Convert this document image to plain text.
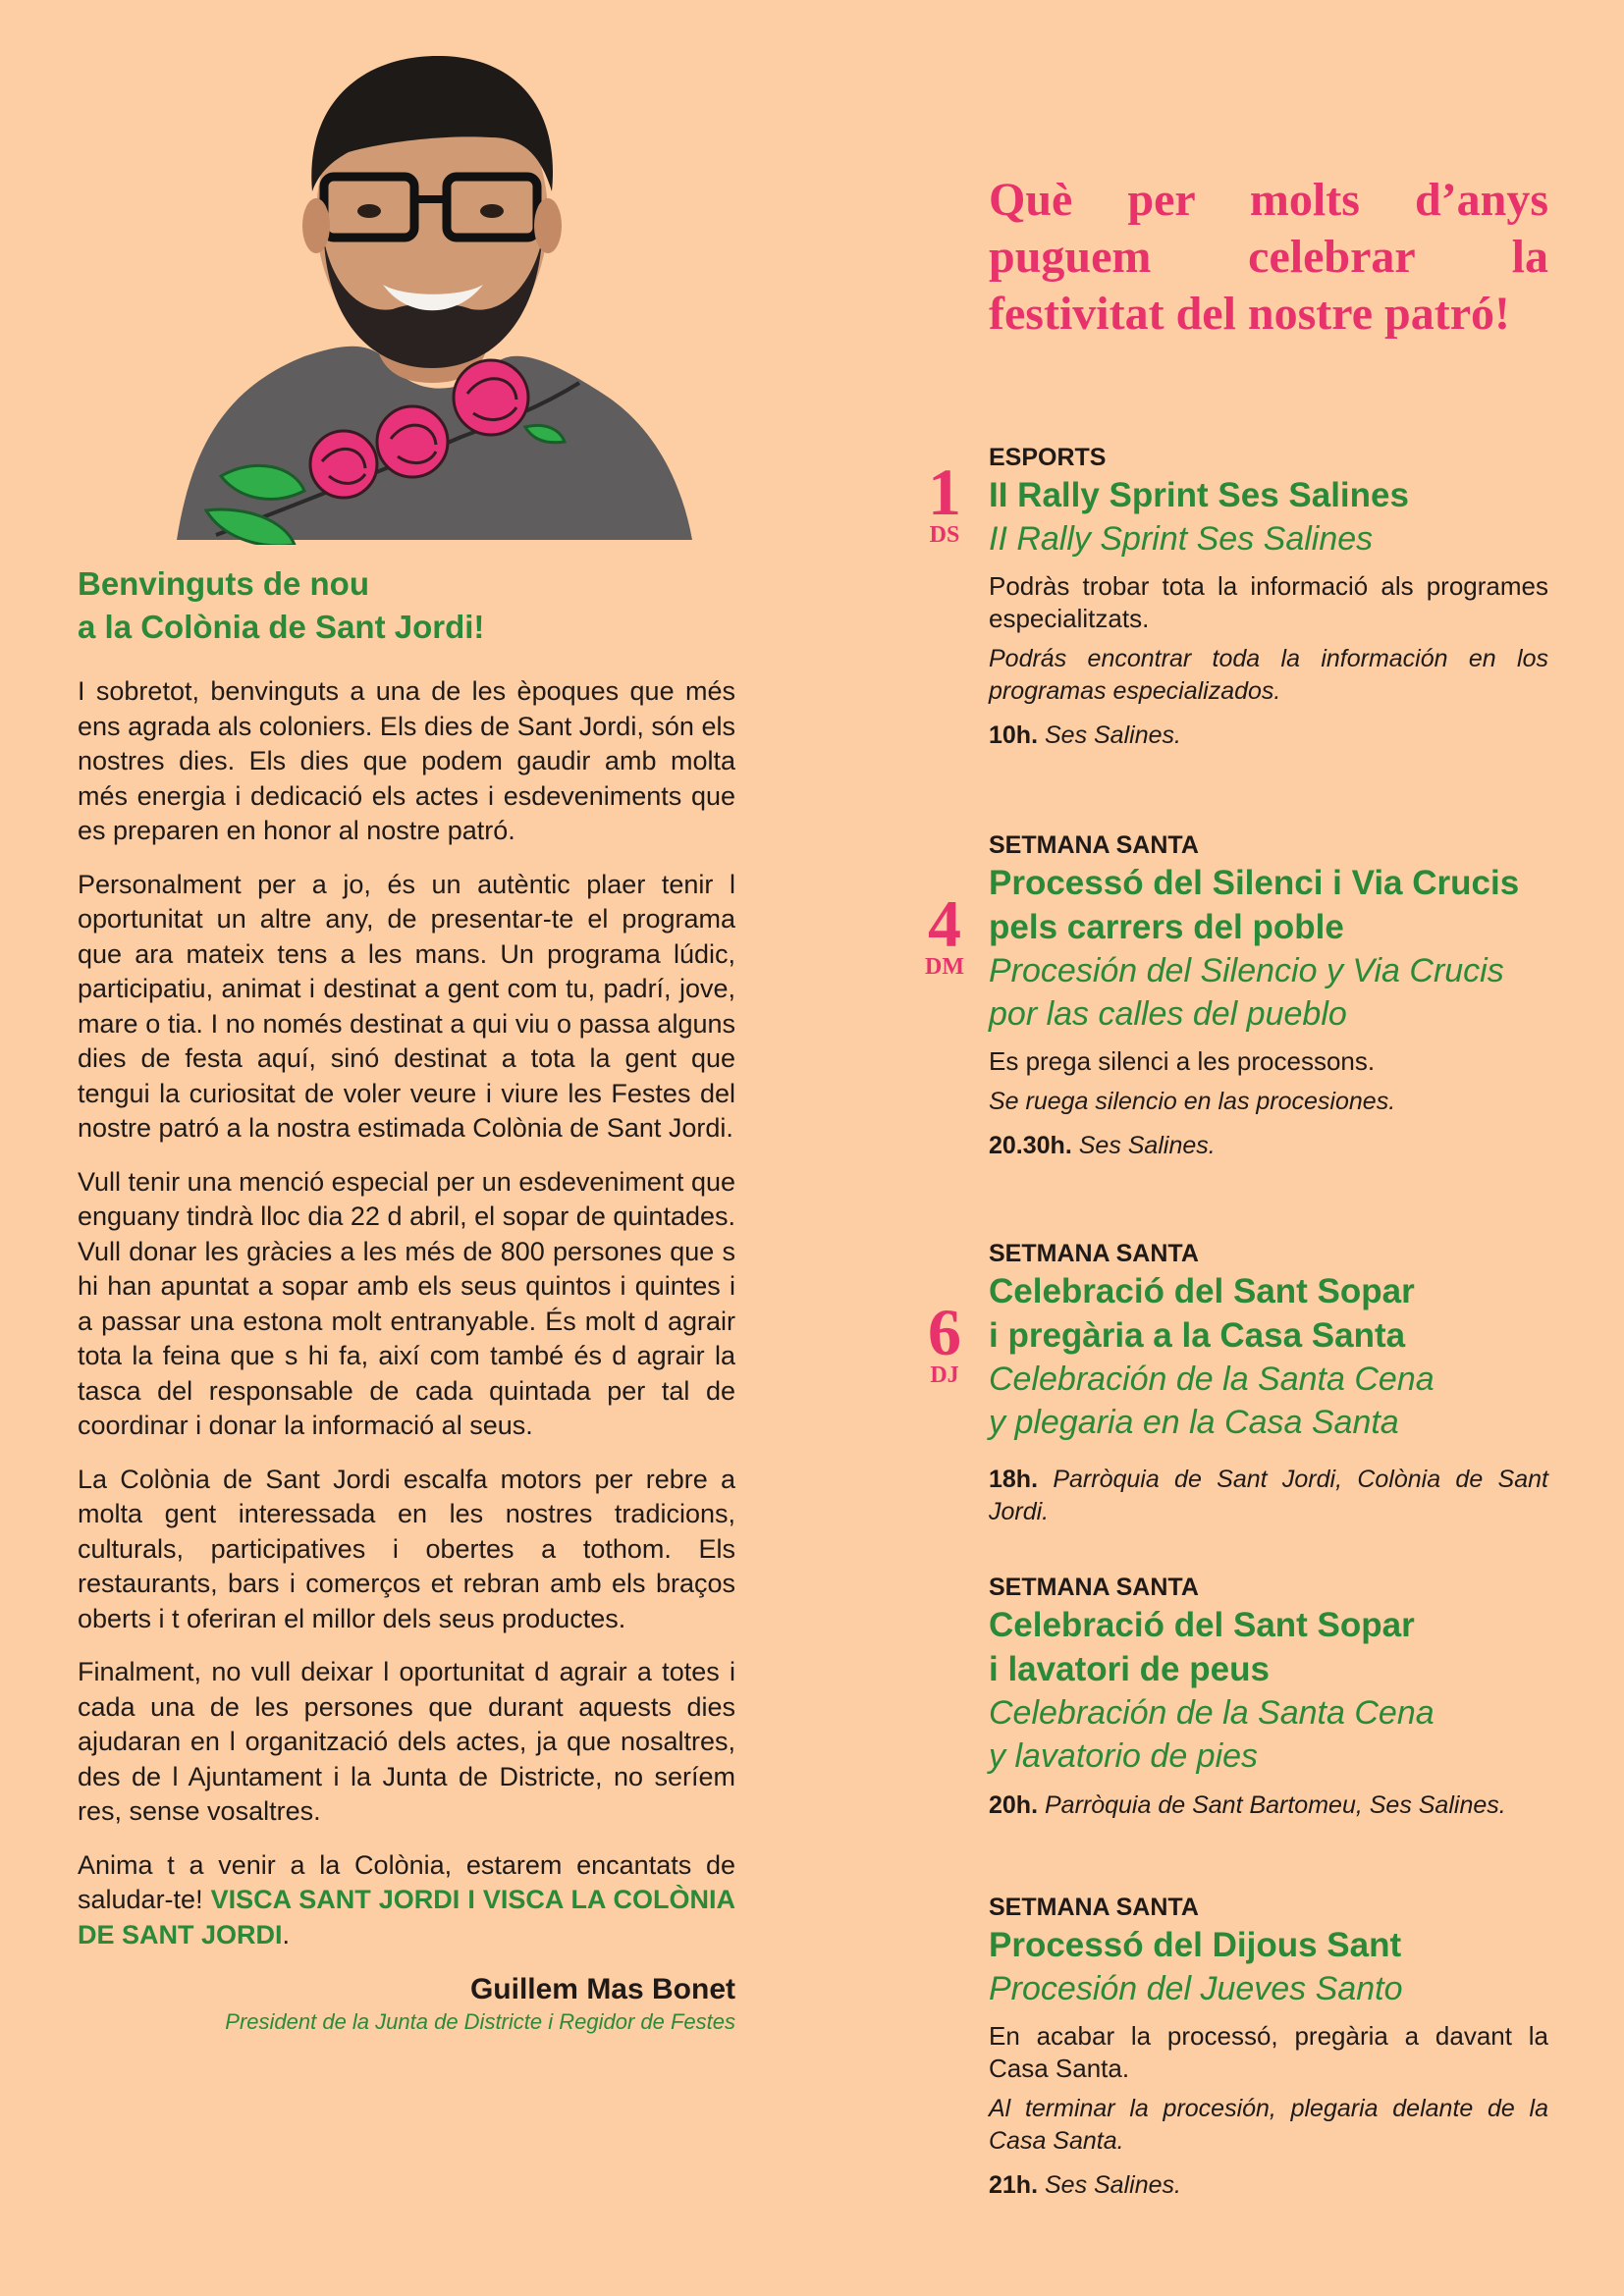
Benvinguts de nou
a la Colònia de Sant Jordi!

I sobretot, benvinguts a una de les èpoques que més ens agrada als coloniers. Els dies de Sant Jordi, són els nostres dies. Els dies que podem gaudir amb molta més energia i dedicació els actes i esdeveniments que es preparen en honor al nostre patró.

Personalment per a jo, és un autèntic plaer tenir l oportunitat un altre any, de presentar-te el programa que ara mateix tens a les mans. Un programa lúdic, participatiu, animat i destinat a gent com tu, padrí, jove, mare o tia. I no només destinat a qui viu o passa alguns dies de festa aquí, sinó destinat a tota la gent que tengui la curiositat de voler veure i viure les Festes del nostre patró a la nostra estimada Colònia de Sant Jordi.

Vull tenir una menció especial per un esdeveniment que enguany tindrà lloc dia 22 d abril, el sopar de quintades. Vull donar les gràcies a les més de 800 persones que s hi han apuntat a sopar amb els seus quintos i quintes i a passar una estona molt entranyable. És molt d agrair tota la feina que s hi fa, així com també és d agrair la tasca del responsable de cada quintada per tal de coordinar i donar la informació al seus.

La Colònia de Sant Jordi escalfa motors per rebre a molta gent interessada en les nostres tradicions, culturals, participatives i obertes a tothom. Els restaurants, bars i comerços et rebran amb els braços oberts i t oferiran el millor dels seus productes.

Finalment, no vull deixar l oportunitat d agrair a totes i cada una de les persones que durant aquests dies ajudaran en l organització dels actes, ja que nosaltres, des de l Ajuntament i la Junta de Districte, no seríem res, sense vosaltres.

Anima t a venir a la Colònia, estarem encantats de saludar-te! VISCA SANT JORDI I VISCA LA COLÒNIA DE SANT JORDI.

Guillem Mas Bonet
President de la Junta de Districte i Regidor de Festes
Què per molts d’anys
puguem celebrar la
festivitat del nostre patró!
1
DS
ESPORTS
II Rally Sprint Ses Salines
II Rally Sprint Ses Salines
Podràs trobar tota la informació als programes especialitzats.
Podrás encontrar toda la información en los programas especializados.
10h. Ses Salines.
4
DM
SETMANA SANTA
Processó del Silenci i Via Crucis pels carrers del poble
Procesión del Silencio y Via Crucis por las calles del pueblo
Es prega silenci a les processons.
Se ruega silencio en las procesiones.
20.30h. Ses Salines.
6
DJ
SETMANA SANTA
Celebració del Sant Sopar
i pregària a la Casa Santa
Celebración de la Santa Cena
y plegaria en la Casa Santa
18h. Parròquia de Sant Jordi, Colònia de Sant Jordi.
SETMANA SANTA
Celebració del Sant Sopar
i lavatori de peus
Celebración de la Santa Cena
y lavatorio de pies
20h. Parròquia de Sant Bartomeu, Ses Salines.
SETMANA SANTA
Processó del Dijous Sant
Procesión del Jueves Santo
En acabar la processó, pregària a davant la Casa Santa.
Al terminar la procesión, plegaria delante de la Casa Santa.
21h. Ses Salines.
